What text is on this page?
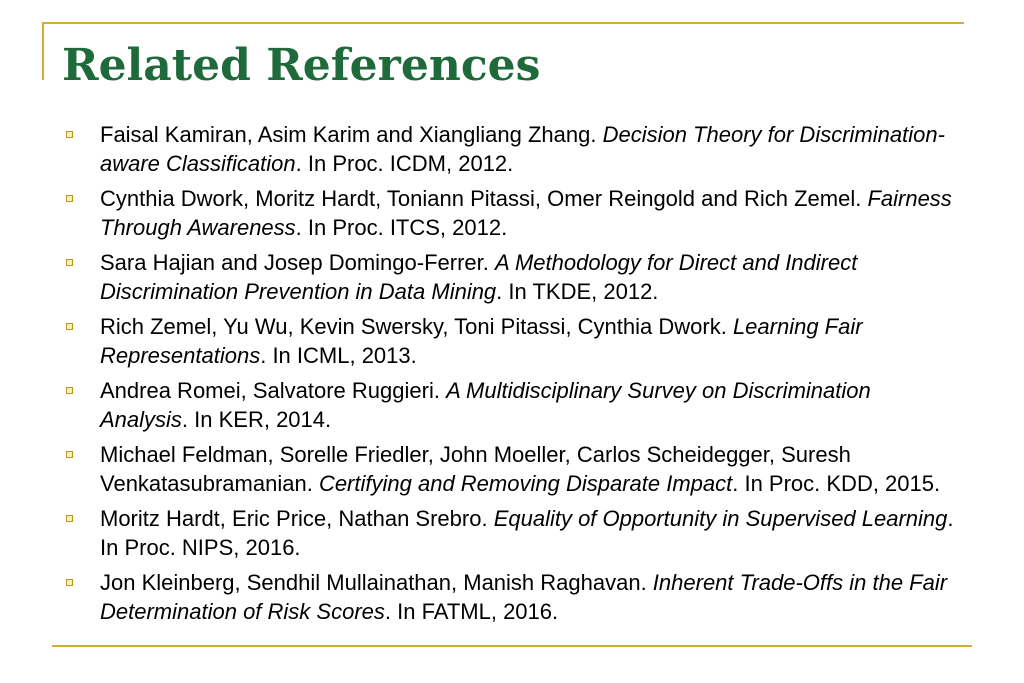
Related References
Faisal Kamiran, Asim Karim and Xiangliang Zhang. Decision Theory for Discrimination-aware Classification. In Proc. ICDM, 2012.
Cynthia Dwork, Moritz Hardt, Toniann Pitassi, Omer Reingold and Rich Zemel. Fairness Through Awareness. In Proc. ITCS, 2012.
Sara Hajian and Josep Domingo-Ferrer. A Methodology for Direct and Indirect Discrimination Prevention in Data Mining. In TKDE, 2012.
Rich Zemel, Yu Wu, Kevin Swersky, Toni Pitassi, Cynthia Dwork. Learning Fair Representations. In ICML, 2013.
Andrea Romei, Salvatore Ruggieri. A Multidisciplinary Survey on Discrimination Analysis. In KER, 2014.
Michael Feldman, Sorelle Friedler, John Moeller, Carlos Scheidegger, Suresh Venkatasubramanian. Certifying and Removing Disparate Impact. In Proc. KDD, 2015.
Moritz Hardt, Eric Price, Nathan Srebro. Equality of Opportunity in Supervised Learning. In Proc. NIPS, 2016.
Jon Kleinberg, Sendhil Mullainathan, Manish Raghavan. Inherent Trade-Offs in the Fair Determination of Risk Scores. In FATML, 2016.
